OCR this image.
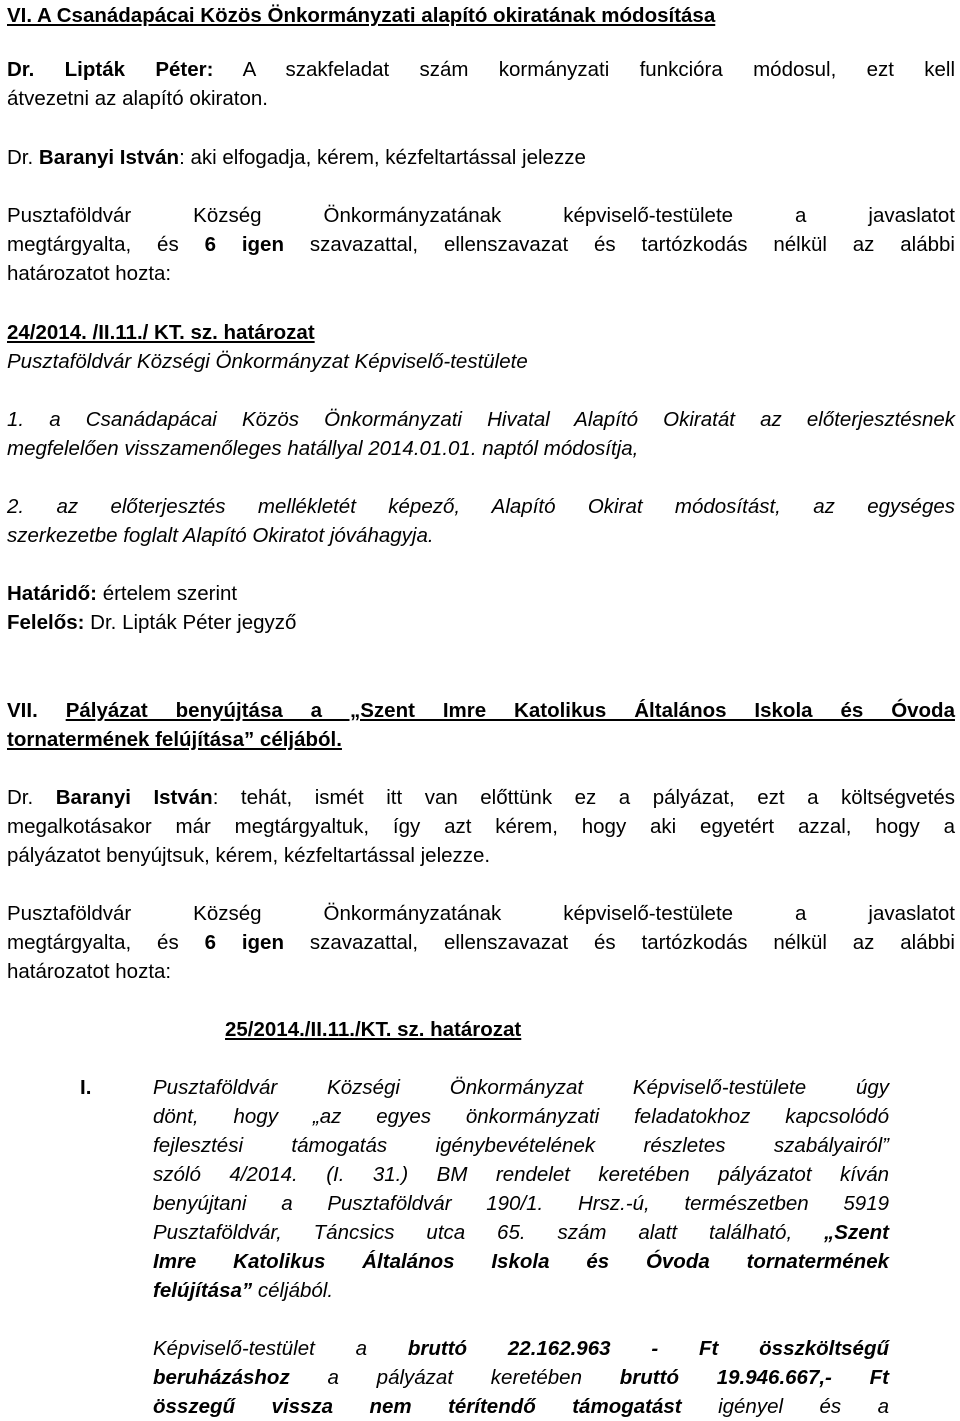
VI. A Csanádapácai Közös Önkormányzati alapító okiratának módosítása
Dr. Lipták Péter: A szakfeladat szám kormányzati funkcióra módosul, ezt kell
átvezetni az alapító okiraton.
Dr. Baranyi István: aki elfogadja, kérem, kézfeltartással jelezze
Pusztaföldvár Község Önkormányzatának képviselő-testülete a javaslatot
megtárgyalta, és 6 igen szavazattal, ellenszavazat és tartózkodás nélkül az alábbi
határozatot hozta:
24/2014. /II.11./ KT. sz. határozat
Pusztaföldvár Községi Önkormányzat Képviselő-testülete
1. a Csanádapácai Közös Önkormányzati Hivatal Alapító Okiratát az előterjesztésnek
megfelelően visszamenőleges hatállyal 2014.01.01. naptól módosítja,
2. az előterjesztés mellékletét képező, Alapító Okirat módosítást, az egységes
szerkezetbe foglalt Alapító Okiratot jóváhagyja.
Határidő: értelem szerint
Felelős: Dr. Lipták Péter jegyző
VII. Pályázat benyújtása a „Szent Imre Katolikus Általános Iskola és Óvoda
tornatermének felújítása” céljából.
Dr. Baranyi István: tehát, ismét itt van előttünk ez a pályázat, ezt a költségvetés
megalkotásakor már megtárgyaltuk, így azt kérem, hogy aki egyetért azzal, hogy a
pályázatot benyújtsuk, kérem, kézfeltartással jelezze.
Pusztaföldvár Község Önkormányzatának képviselő-testülete a javaslatot
megtárgyalta, és 6 igen szavazattal, ellenszavazat és tartózkodás nélkül az alábbi
határozatot hozta:
25/2014./II.11./KT. sz. határozat
I.	Pusztaföldvár Községi Önkormányzat Képviselő-testülete úgy
dönt, hogy „az egyes önkormányzati feladatokhoz kapcsolódó
fejlesztési támogatás igénybevételének részletes szabályairól”
szóló 4/2014. (I. 31.) BM rendelet keretében pályázatot kíván
benyújtani a Pusztaföldvár 190/1. Hrsz.-ú, természetben 5919
Pusztaföldvár, Táncsics utca 65. szám alatt található, „Szent
Imre Katolikus Általános Iskola és Óvoda tornatermének
felújítása” céljából.
Képviselő-testület a bruttó 22.162.963 - Ft összköltségű
beruházáshoz a pályázat keretében bruttó 19.946.667,- Ft
összegű vissza nem térítendő támogatást igényel és a
